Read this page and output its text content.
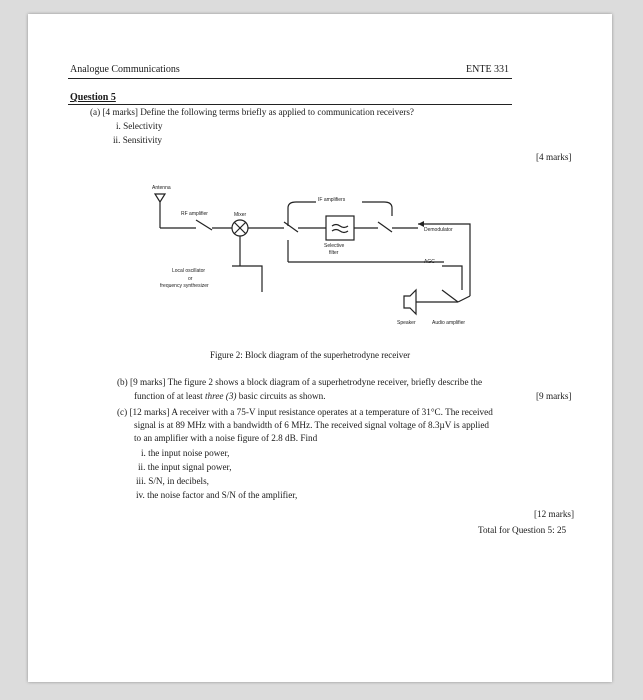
Analogue Communications	ENTE 331
Question 5
(a) [4 marks] Define the following terms briefly as applied to communication receivers?
i. Selectivity
ii. Sensitivity
[4 marks]
Antenna
RF amplifier	Mixer
IF amplifiers
Selective
filter
Demodulator
AGC
Local oscillator
or
frequency synthesizer
Speaker	Audio amplifier
Figure 2: Block diagram of the superhetrodyne receiver
(b) [9 marks] The figure 2 shows a block diagram of a superhetrodyne receiver, briefly describe the
function of at least three (3) basic circuits as shown.	[9 marks]
(c) [12 marks] A receiver with a 75-V input resistance operates at a temperature of 31°C. The received
signal is at 89 MHz with a bandwidth of 6 MHz. The received signal voltage of 8.3µV is applied
to an amplifier with a noise figure of 2.8 dB. Find
i. the input noise power,
ii. the input signal power,
iii. S/N, in decibels,
iv. the noise factor and S/N of the amplifier,
[12 marks]
Total for Question 5: 25
